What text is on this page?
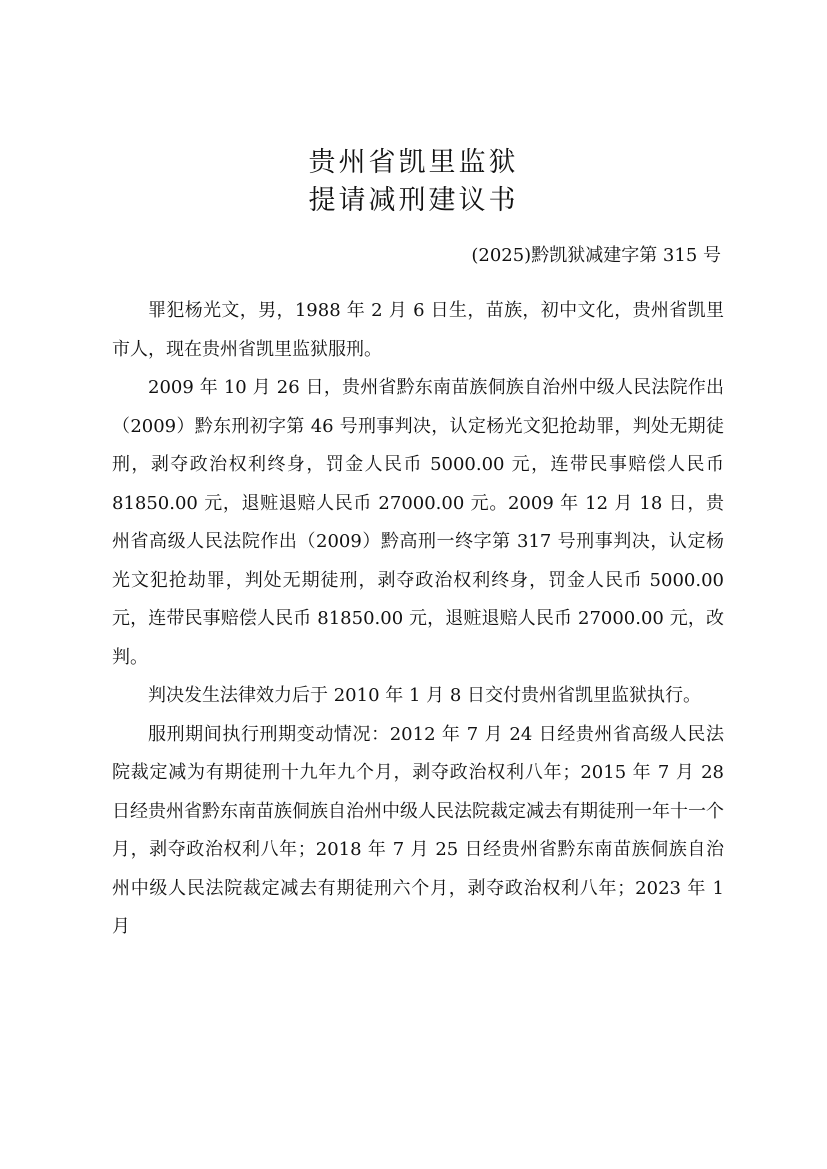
贵州省凯里监狱
提请减刑建议书
(2025)黔凯狱减建字第 315 号

罪犯杨光文，男，1988 年 2 月 6 日生，苗族，初中文化，贵州省凯里市人，现在贵州省凯里监狱服刑。

2009 年 10 月 26 日，贵州省黔东南苗族侗族自治州中级人民法院作出（2009）黔东刑初字第 46 号刑事判决，认定杨光文犯抢劫罪，判处无期徒刑，剥夺政治权利终身，罚金人民币 5000.00 元，连带民事赔偿人民币 81850.00 元，退赃退赔人民币 27000.00 元。2009 年 12 月 18 日，贵州省高级人民法院作出（2009）黔高刑一终字第 317 号刑事判决，认定杨光文犯抢劫罪，判处无期徒刑，剥夺政治权利终身，罚金人民币 5000.00 元，连带民事赔偿人民币 81850.00 元，退赃退赔人民币 27000.00 元，改判。

判决发生法律效力后于 2010 年 1 月 8 日交付贵州省凯里监狱执行。

服刑期间执行刑期变动情况：2012 年 7 月 24 日经贵州省高级人民法院裁定减为有期徒刑十九年九个月，剥夺政治权利八年；2015 年 7 月 28 日经贵州省黔东南苗族侗族自治州中级人民法院裁定减去有期徒刑一年十一个月，剥夺政治权利八年；2018 年 7 月 25 日经贵州省黔东南苗族侗族自治州中级人民法院裁定减去有期徒刑六个月，剥夺政治权利八年；2023 年 1 月
